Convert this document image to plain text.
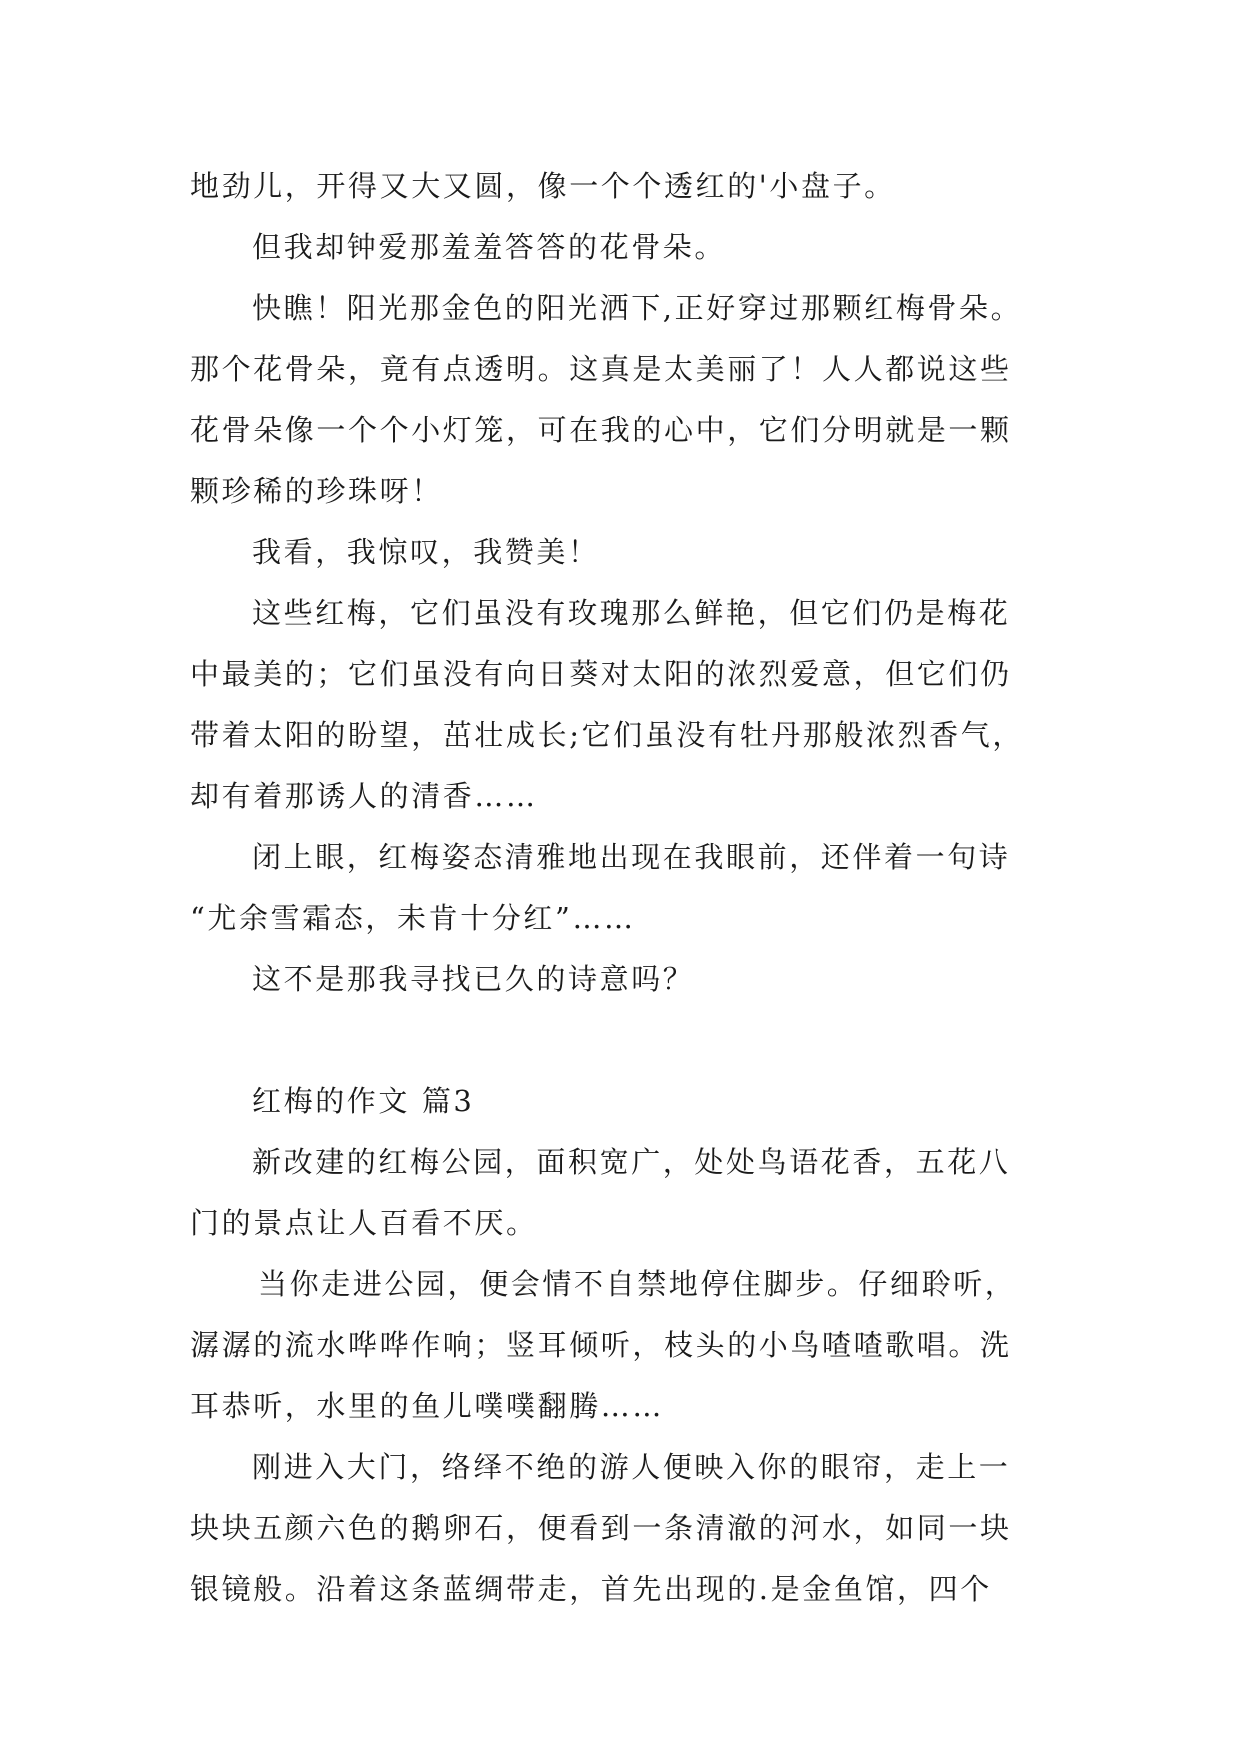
地劲儿，开得又大又圆，像一个个透红的'小盘子。
但我却钟爱那羞羞答答的花骨朵。
快瞧！阳光那金色的阳光洒下,正好穿过那颗红梅骨朵。
那个花骨朵，竟有点透明。这真是太美丽了！人人都说这些
花骨朵像一个个小灯笼，可在我的心中，它们分明就是一颗
颗珍稀的珍珠呀！
我看，我惊叹，我赞美！
这些红梅，它们虽没有玫瑰那么鲜艳，但它们仍是梅花
中最美的；它们虽没有向日葵对太阳的浓烈爱意，但它们仍
带着太阳的盼望，茁壮成长;它们虽没有牡丹那般浓烈香气，
却有着那诱人的清香……
闭上眼，红梅姿态清雅地出现在我眼前，还伴着一句诗
“尤余雪霜态，未肯十分红”……
这不是那我寻找已久的诗意吗？
红梅的作文 篇3
新改建的红梅公园，面积宽广，处处鸟语花香，五花八
门的景点让人百看不厌。
当你走进公园，便会情不自禁地停住脚步。仔细聆听，
潺潺的流水哗哗作响；竖耳倾听，枝头的小鸟喳喳歌唱。洗
耳恭听，水里的鱼儿噗噗翻腾……
刚进入大门，络绎不绝的游人便映入你的眼帘，走上一
块块五颜六色的鹅卵石，便看到一条清澈的河水，如同一块
银镜般。沿着这条蓝绸带走，首先出现的.是金鱼馆，四个
